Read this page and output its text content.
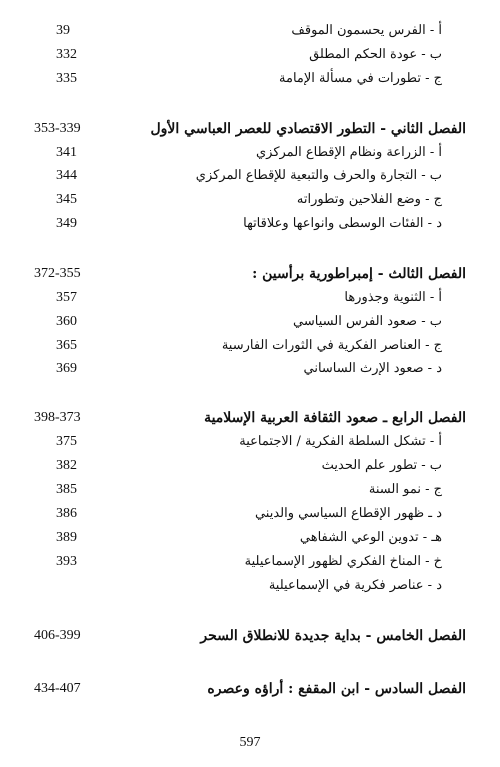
39	أ - الفرس يحسمون الموقف
332	ب - عودة الحكم المطلق
335	ج - تطورات في مسألة الإمامة
353-339	الفصل الثاني - التطور الاقتصادي للعصر العباسي الأول
341	أ - الزراعة ونظام الإقطاع المركزي
344	ب - التجارة والحرف والتبعية للإقطاع المركزي
345	ج - وضع الفلاحين وتطوراته
349	د - الفئات الوسطى وانواعها وعلاقاتها
372-355	الفصل الثالث - إمبراطورية برأسين :
357	أ - الثنوية وجذورها
360	ب - صعود الفرس السياسي
365	ج - العناصر الفكرية في الثورات الفارسية
369	د - صعود الإرث الساساني
398-373	الفصل الرابع ـ صعود الثقافة العربية الإسلامية
375	أ - تشكل السلطة الفكرية / الاجتماعية
382	ب - تطور علم الحديث
385	ج - نمو السنة
386	د ـ ظهور الإقطاع السياسي والديني
389	هـ - تدوين الوعي الشفاهي
393	خ - المناخ الفكري لظهور الإسماعيلية
د - عناصر فكرية في الإسماعيلية
406-399	الفصل الخامس - بداية جديدة للانطلاق السحر
434-407	الفصل السادس - ابن المقفع : أراؤه وعصره
597
